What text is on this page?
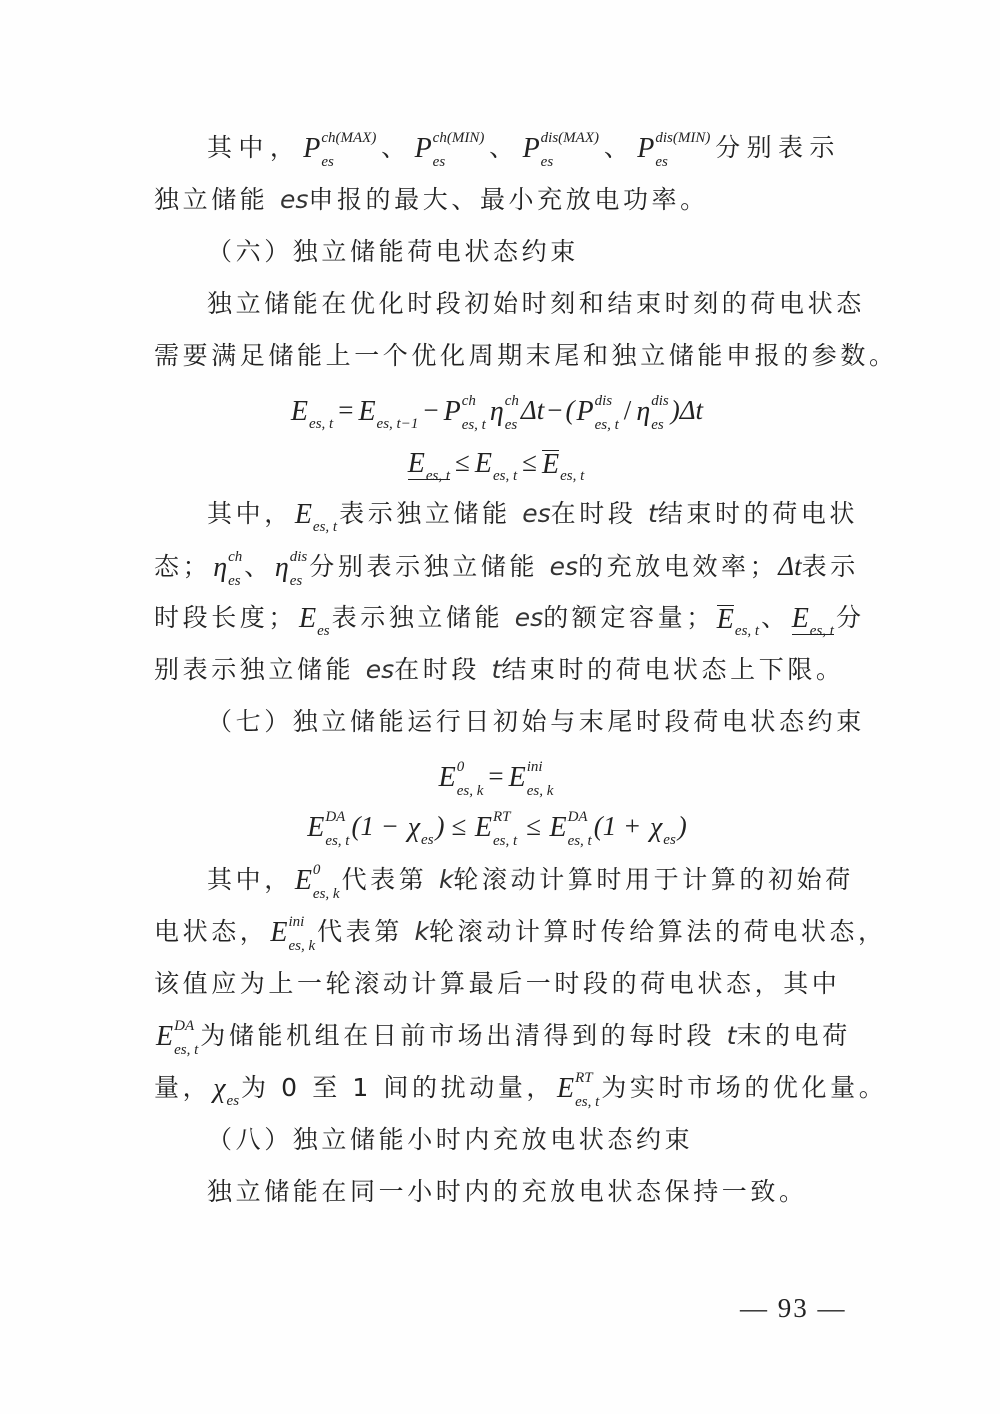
— 93 —
其中， P ch(MAX)
es	、 P ch(MIN)
es	、 P dis(MAX)
es	、 P dis(MIN)
es	分别表示
独立储能 es申报的最大、最小充放电功率。
（六）独立储能荷电状态约束
独立储能在优化时段初始时刻和结束时刻的荷电状态
需要满足储能上一个优化周期末尾和独立储能申报的参数。
E es, t = E es, t−1 − P ch
es, t η ch
es Δt − ( P dis
es, t / η dis
es )Δt
E es, t ≤ E es, t ≤ E es, t
其中， E es, t 表示独立储能 es在时段 t结束时的荷电状
态； η ch
es 、 η dis
es 分别表示独立储能 es的充放电效率；Δt表示
时段长度； E es 表示独立储能 es的额定容量； E es, t 、 E es, t 分
别表示独立储能 es在时段 t结束时的荷电状态上下限。
（七）独立储能运行日初始与末尾时段荷电状态约束
E 0
es, k = E ini
es, k
E DA
es, t (1 − χ es ) ≤ E RT
es, t ≤ E DA
es, t (1 + χ es )
其中， E 0
es, k 代表第 k轮滚动计算时用于计算的初始荷
电状态， E ini
es, k 代表第 k轮滚动计算时传给算法的荷电状态，
该值应为上一轮滚动计算最后一时段的荷电状态，其中
E DA
es, t 为储能机组在日前市场出清得到的每时段 t末的电荷
量， χ es 为 0 至 1 间的扰动量， E RT
es, t 为实时市场的优化量。
（八）独立储能小时内充放电状态约束
独立储能在同一小时内的充放电状态保持一致。
